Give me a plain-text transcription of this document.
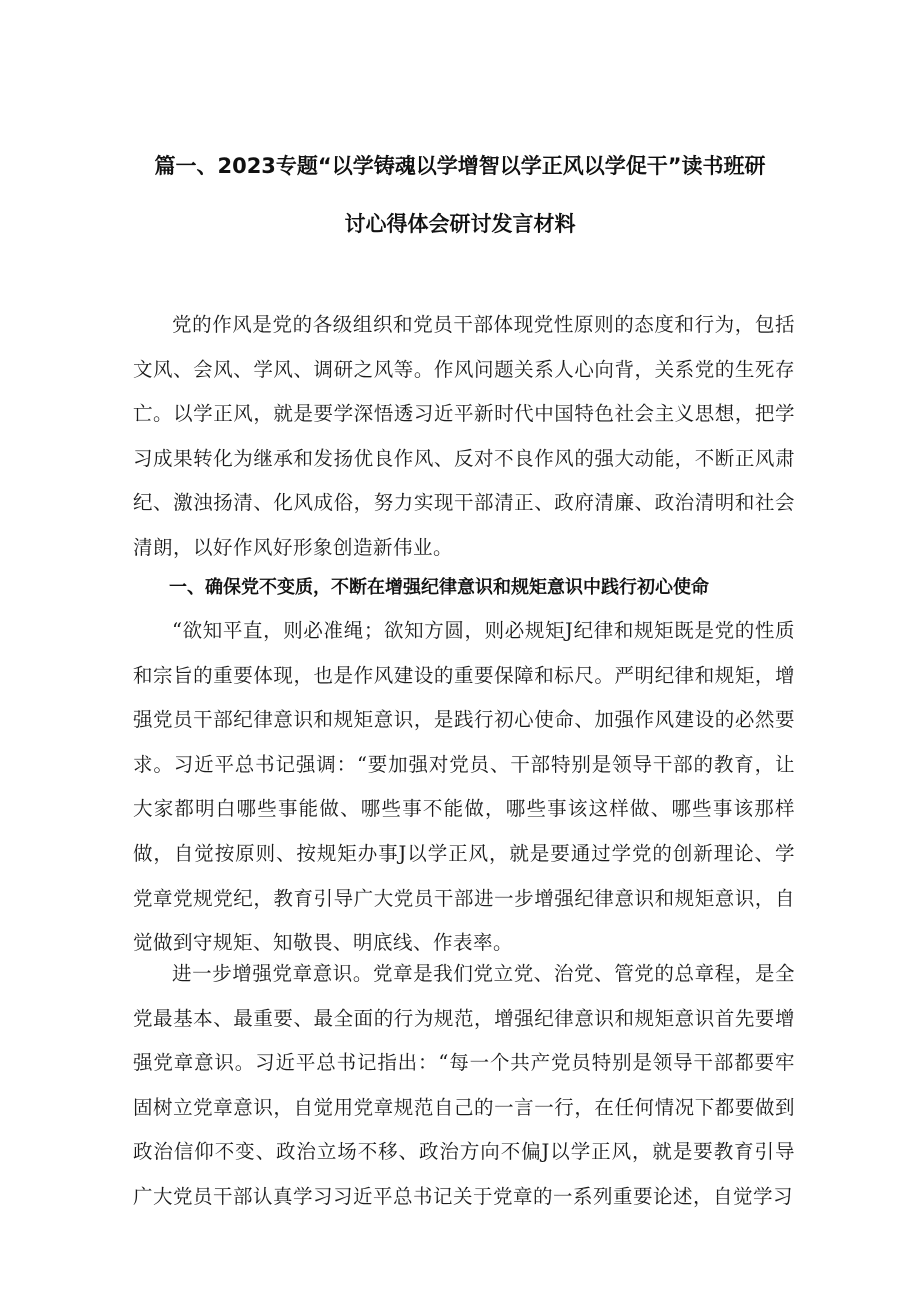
篇一、2023专题“以学铸魂以学增智以学正风以学促干”读书班研
讨心得体会研讨发言材料

党的作风是党的各级组织和党员干部体现党性原则的态度和行为，包括文风、会风、学风、调研之风等。作风问题关系人心向背，关系党的生死存亡。以学正风，就是要学深悟透习近平新时代中国特色社会主义思想，把学习成果转化为继承和发扬优良作风、反对不良作风的强大动能，不断正风肃纪、激浊扬清、化风成俗，努力实现干部清正、政府清廉、政治清明和社会清朗，以好作风好形象创造新伟业。

一、确保党不变质，不断在增强纪律意识和规矩意识中践行初心使命

“欲知平直，则必准绳；欲知方圆，则必规矩J纪律和规矩既是党的性质和宗旨的重要体现，也是作风建设的重要保障和标尺。严明纪律和规矩，增强党员干部纪律意识和规矩意识，是践行初心使命、加强作风建设的必然要求。习近平总书记强调：“要加强对党员、干部特别是领导干部的教育，让大家都明白哪些事能做、哪些事不能做，哪些事该这样做、哪些事该那样做，自觉按原则、按规矩办事J以学正风，就是要通过学党的创新理论、学党章党规党纪，教育引导广大党员干部进一步增强纪律意识和规矩意识，自觉做到守规矩、知敬畏、明底线、作表率。

进一步增强党章意识。党章是我们党立党、治党、管党的总章程，是全党最基本、最重要、最全面的行为规范，增强纪律意识和规矩意识首先要增强党章意识。习近平总书记指出：“每一个共产党员特别是领导干部都要牢固树立党章意识，自觉用党章规范自己的一言一行，在任何情况下都要做到政治信仰不变、政治立场不移、政治方向不偏J以学正风，就是要教育引导广大党员干部认真学习习近平总书记关于党章的一系列重要论述，自觉学习
